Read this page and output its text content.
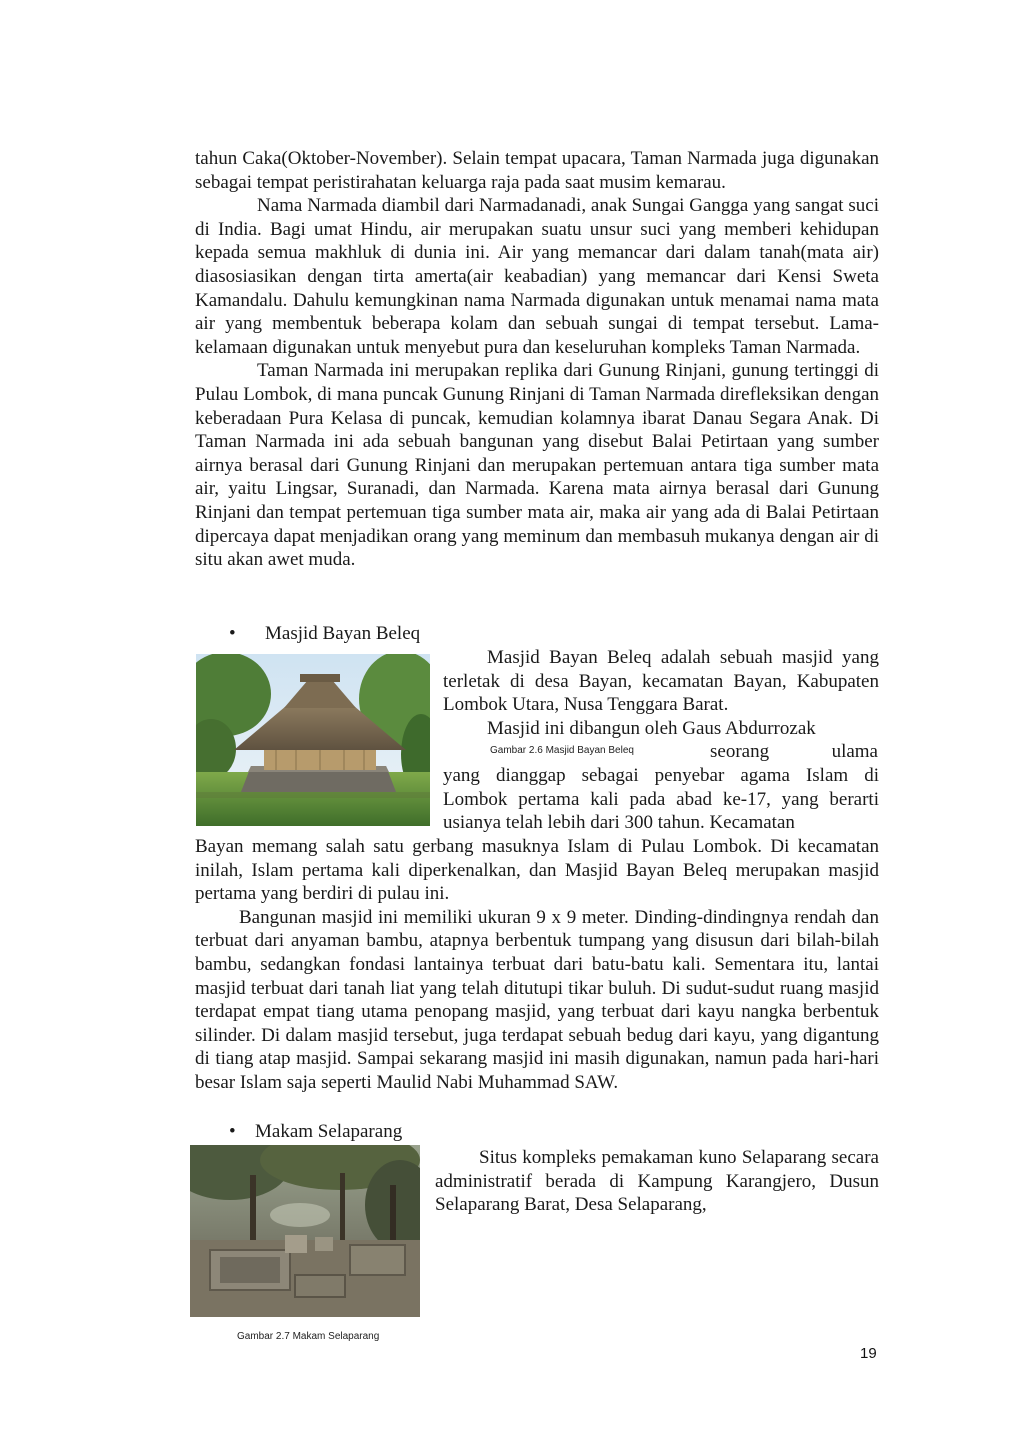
tahun Caka(Oktober-November). Selain tempat upacara, Taman Narmada juga digunakan sebagai tempat peristirahatan keluarga raja pada saat musim kemarau.

Nama Narmada diambil dari Narmadanadi, anak Sungai Gangga yang sangat suci di India. Bagi umat Hindu, air merupakan suatu unsur suci yang memberi kehidupan kepada semua makhluk di dunia ini. Air yang memancar dari dalam tanah(mata air) diasosiasikan dengan tirta amerta(air keabadian) yang memancar dari Kensi Sweta Kamandalu. Dahulu kemungkinan nama Narmada digunakan untuk menamai nama mata air yang membentuk beberapa kolam dan sebuah sungai di tempat tersebut. Lama-kelamaan digunakan untuk menyebut pura dan keseluruhan kompleks Taman Narmada.

Taman Narmada ini merupakan replika dari Gunung Rinjani, gunung tertinggi di Pulau Lombok, di mana puncak Gunung Rinjani di Taman Narmada direfleksikan dengan keberadaan Pura Kelasa di puncak, kemudian kolamnya ibarat Danau Segara Anak. Di Taman Narmada ini ada sebuah bangunan yang disebut Balai Petirtaan yang sumber airnya berasal dari Gunung Rinjani dan merupakan pertemuan antara tiga sumber mata air, yaitu Lingsar, Suranadi, dan Narmada. Karena mata airnya berasal dari Gunung Rinjani dan tempat pertemuan tiga sumber mata air, maka air yang ada di Balai Petirtaan dipercaya dapat menjadikan orang yang meminum dan membasuh mukanya dengan air di situ akan awet muda.

•	Masjid Bayan Beleq

Masjid Bayan Beleq adalah sebuah masjid yang terletak di desa Bayan, kecamatan Bayan, Kabupaten Lombok Utara, Nusa Tenggara Barat.

Masjid ini dibangun oleh Gaus Abdurrozak

Gambar 2.6 Masjid Bayan Beleq	seorang	ulama

yang dianggap sebagai penyebar agama Islam di Lombok pertama kali pada abad ke-17, yang berarti usianya telah lebih dari 300 tahun. Kecamatan

Bayan memang salah satu gerbang masuknya Islam di Pulau Lombok. Di kecamatan inilah, Islam pertama kali diperkenalkan, dan Masjid Bayan Beleq merupakan masjid pertama yang berdiri di pulau ini.

Bangunan masjid ini memiliki ukuran 9 x 9 meter. Dinding-dindingnya rendah dan terbuat dari anyaman bambu, atapnya berbentuk tumpang yang disusun dari bilah-bilah bambu, sedangkan fondasi lantainya terbuat dari batu-batu kali. Sementara itu, lantai masjid terbuat dari tanah liat yang telah ditutupi tikar buluh. Di sudut-sudut ruang masjid terdapat empat tiang utama penopang masjid, yang terbuat dari kayu nangka berbentuk silinder. Di dalam masjid tersebut, juga terdapat sebuah bedug dari kayu, yang digantung di tiang atap masjid. Sampai sekarang masjid ini masih digunakan, namun pada hari-hari besar Islam saja seperti Maulid Nabi Muhammad SAW.

•	Makam Selaparang

Situs kompleks pemakaman kuno Selaparang secara administratif berada di Kampung Karangjero, Dusun Selaparang Barat, Desa Selaparang,

Gambar 2.7 Makam Selaparang
19
